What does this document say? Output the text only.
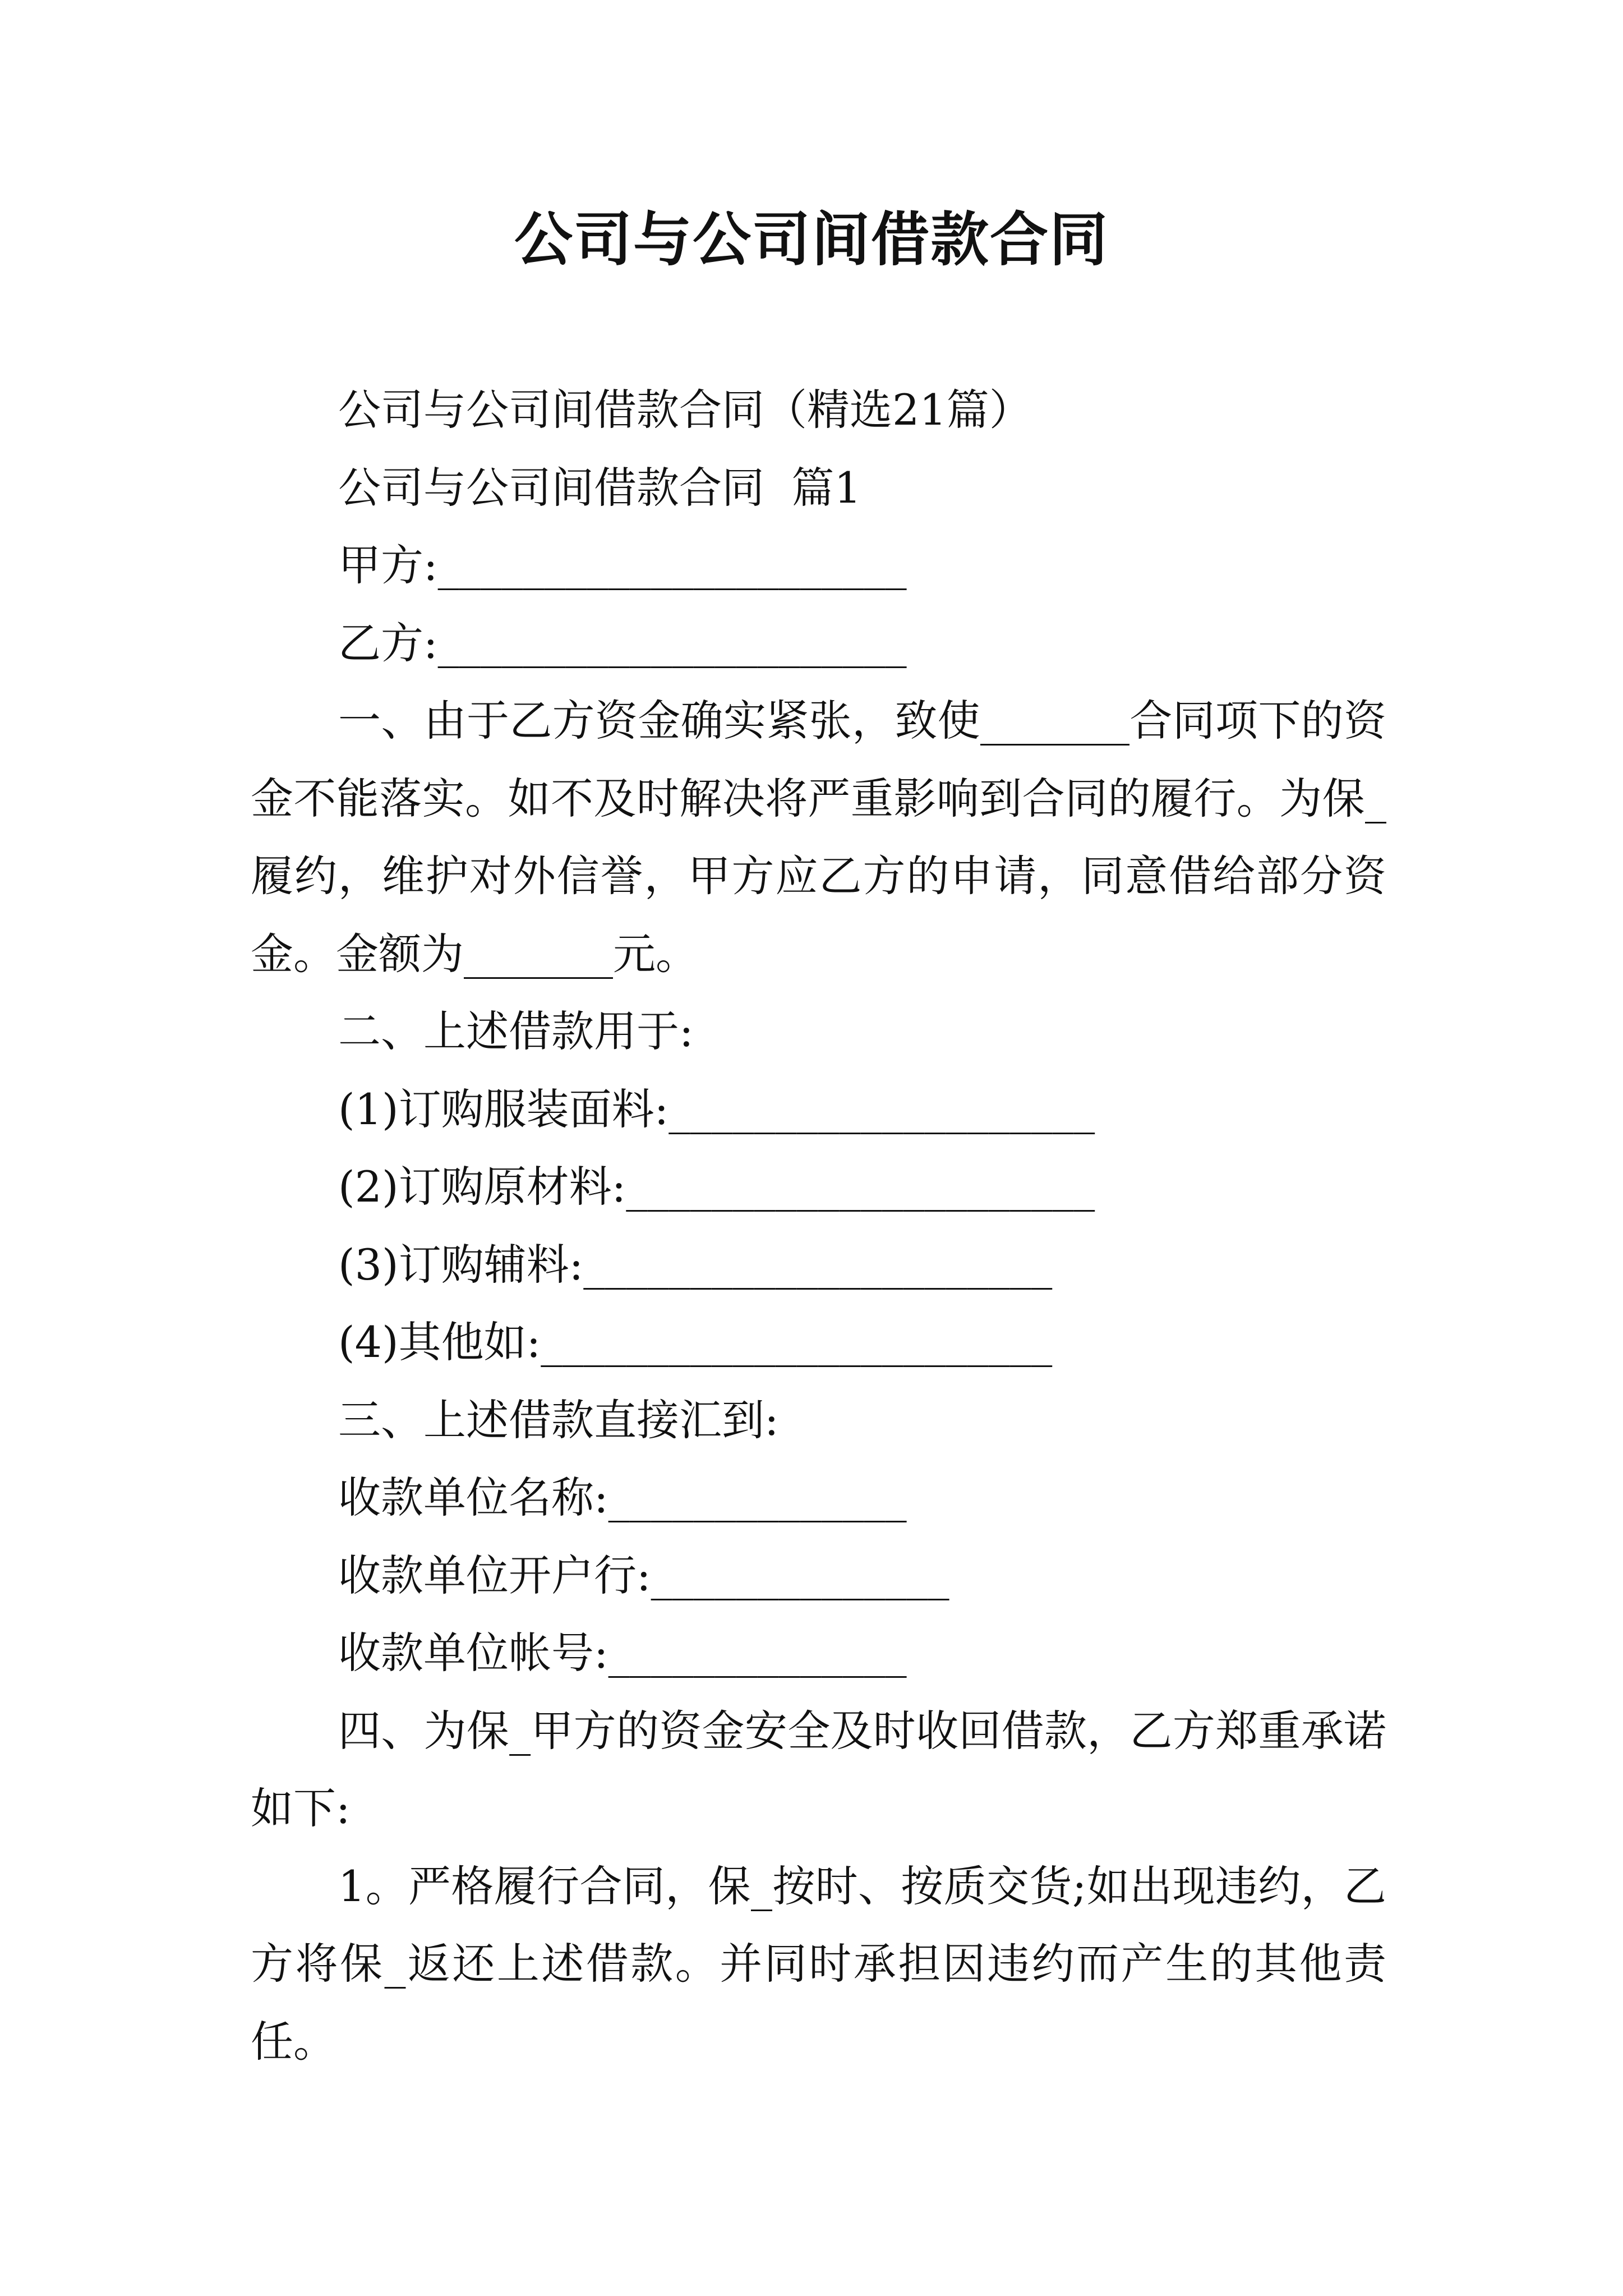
公司与公司间借款合同

公司与公司间借款合同（精选21篇）

公司与公司间借款合同  篇1

甲方:______________________

乙方:______________________

一、由于乙方资金确实紧张，致使_______合同项下的资金不能落实。如不及时解决将严重影响到合同的履行。为保_履约，维护对外信誉，甲方应乙方的申请，同意借给部分资金。金额为_______元。

二、上述借款用于:

(1)订购服装面料:____________________

(2)订购原材料:______________________

(3)订购辅料:______________________

(4)其他如:________________________

三、上述借款直接汇到:

收款单位名称:______________

收款单位开户行:______________

收款单位帐号:______________

四、为保_甲方的资金安全及时收回借款，乙方郑重承诺如下:

1。严格履行合同，保_按时、按质交货;如出现违约，乙方将保_返还上述借款。并同时承担因违约而产生的其他责任。
